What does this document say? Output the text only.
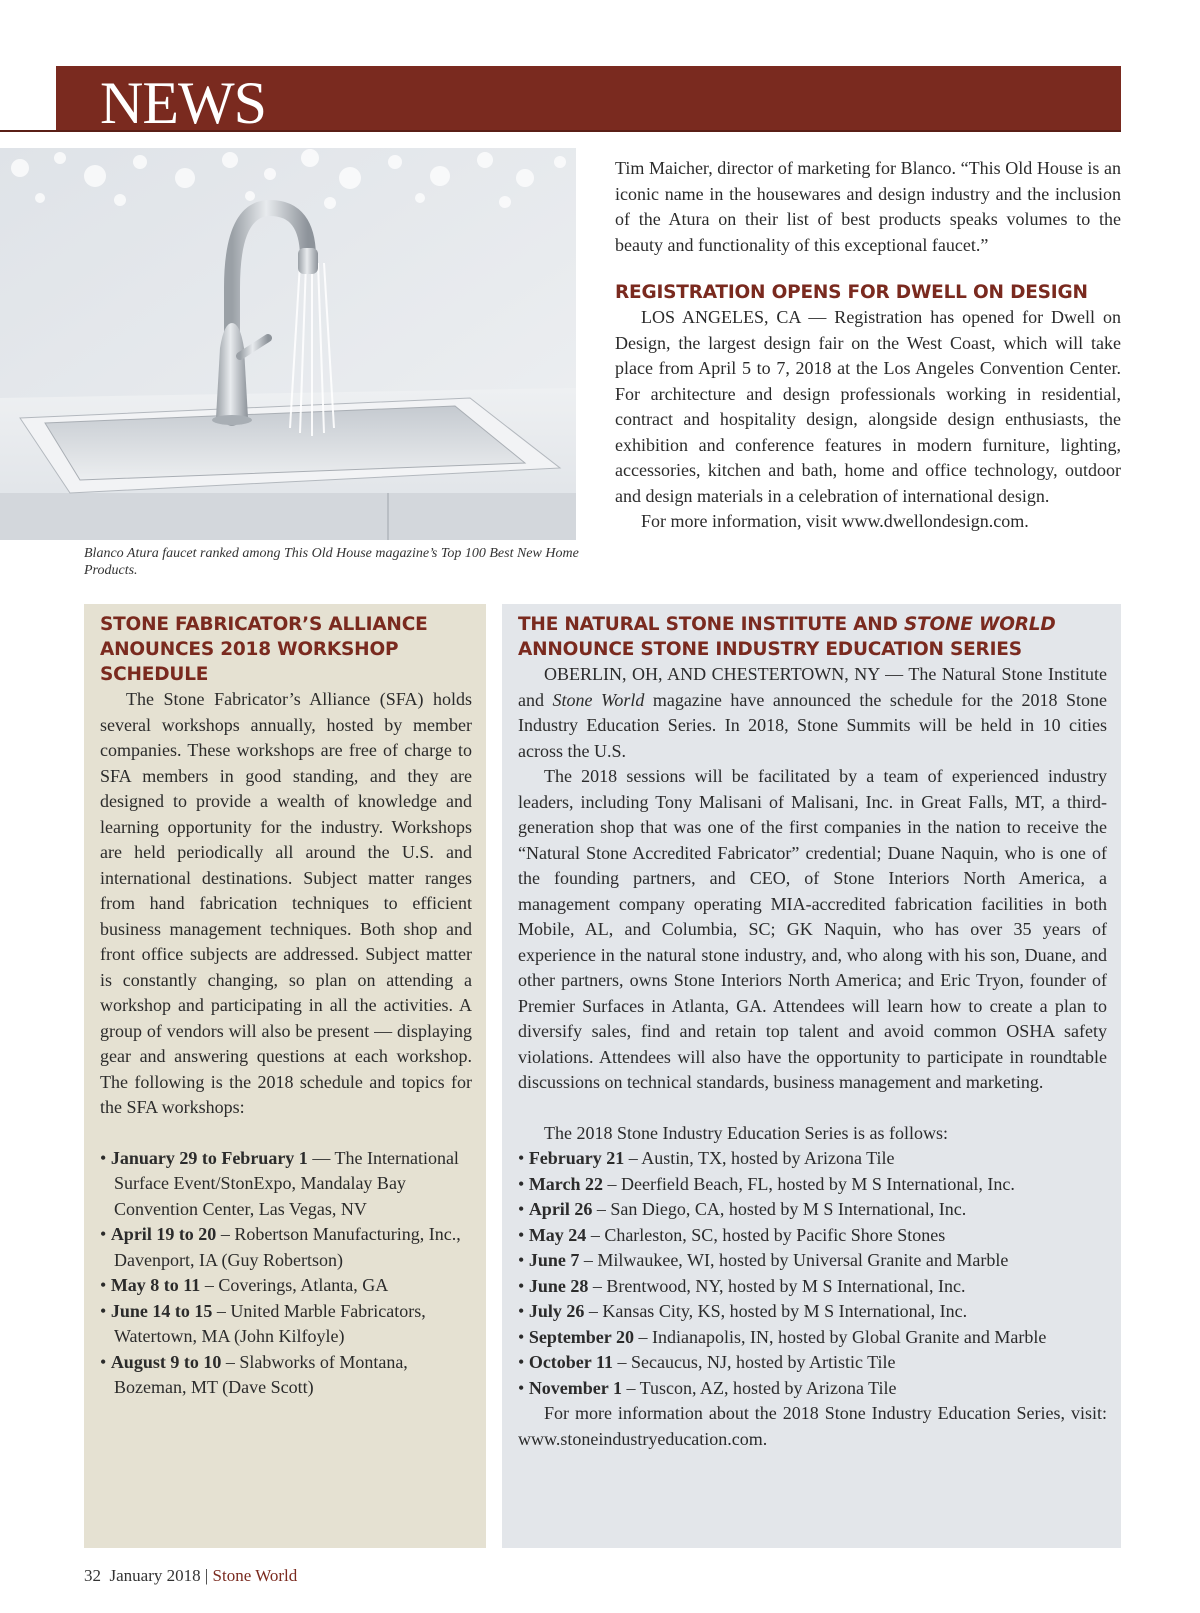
NEWS
Blanco Atura faucet ranked among This Old House magazine’s Top 100 Best New Home Products.

Tim Maicher, director of marketing for Blanco. “This Old House is an iconic name in the housewares and design industry and the inclusion of the Atura on their list of best products speaks volumes to the beauty and functionality of this exceptional faucet.”

REGISTRATION OPENS FOR DWELL ON DESIGN

LOS ANGELES, CA — Registration has opened for Dwell on Design, the largest design fair on the West Coast, which will take place from April 5 to 7, 2018 at the Los Angeles Convention Center. For architecture and design professionals working in residential, contract and hospitality design, alongside design enthusiasts, the exhibition and conference features in modern furniture, lighting, accessories, kitchen and bath, home and office technology, outdoor and design materials in a celebration of international design.

For more information, visit www.dwellondesign.com.

STONE FABRICATOR’S ALLIANCE ANOUNCES 2018 WORKSHOP SCHEDULE

The Stone Fabricator’s Alliance (SFA) holds several workshops annually, hosted by member companies. These workshops are free of charge to SFA members in good standing, and they are designed to provide a wealth of knowledge and learning opportunity for the industry. Workshops are held periodically all around the U.S. and international destinations. Subject matter ranges from hand fabrication techniques to efficient business management techniques. Both shop and front office subjects are addressed. Subject matter is constantly changing, so plan on attending a workshop and participating in all the activities. A group of vendors will also be present — displaying gear and answering questions at each workshop. The following is the 2018 schedule and topics for the SFA workshops:

• January 29 to February 1 — The International Surface Event/StonExpo, Mandalay Bay Convention Center, Las Vegas, NV
• April 19 to 20 – Robertson Manufacturing, Inc., Davenport, IA (Guy Robertson)
• May 8 to 11 – Coverings, Atlanta, GA
• June 14 to 15 – United Marble Fabricators, Watertown, MA (John Kilfoyle)
• August 9 to 10 – Slabworks of Montana, Bozeman, MT (Dave Scott)
THE NATURAL STONE INSTITUTE AND STONE WORLD ANNOUNCE STONE INDUSTRY EDUCATION SERIES

OBERLIN, OH, AND CHESTERTOWN, NY — The Natural Stone Institute and Stone World magazine have announced the schedule for the 2018 Stone Industry Education Series. In 2018, Stone Summits will be held in 10 cities across the U.S.

The 2018 sessions will be facilitated by a team of experienced industry leaders, including Tony Malisani of Malisani, Inc. in Great Falls, MT, a third-generation shop that was one of the first companies in the nation to receive the “Natural Stone Accredited Fabricator” credential; Duane Naquin, who is one of the founding partners, and CEO, of Stone Interiors North America, a management company operating MIA-accredited fabrication facilities in both Mobile, AL, and Columbia, SC; GK Naquin, who has over 35 years of experience in the natural stone industry, and, who along with his son, Duane, and other partners, owns Stone Interiors North America; and Eric Tryon, founder of Premier Surfaces in Atlanta, GA. Attendees will learn how to create a plan to diversify sales, find and retain top talent and avoid common OSHA safety violations. Attendees will also have the opportunity to participate in roundtable discussions on technical standards, business management and marketing.

The 2018 Stone Industry Education Series is as follows:

• February 21 – Austin, TX, hosted by Arizona Tile
• March 22 – Deerfield Beach, FL, hosted by M S International, Inc.
• April 26 – San Diego, CA, hosted by M S International, Inc.
• May 24 – Charleston, SC, hosted by Pacific Shore Stones
• June 7 – Milwaukee, WI, hosted by Universal Granite and Marble
• June 28 – Brentwood, NY, hosted by M S International, Inc.
• July 26 – Kansas City, KS, hosted by M S International, Inc.
• September 20 – Indianapolis, IN, hosted by Global Granite and Marble
• October 11 – Secaucus, NJ, hosted by Artistic Tile
• November 1 – Tuscon, AZ, hosted by Arizona Tile

For more information about the 2018 Stone Industry Education Series, visit: www.stoneindustryeducation.com.

32 January 2018 | Stone World
